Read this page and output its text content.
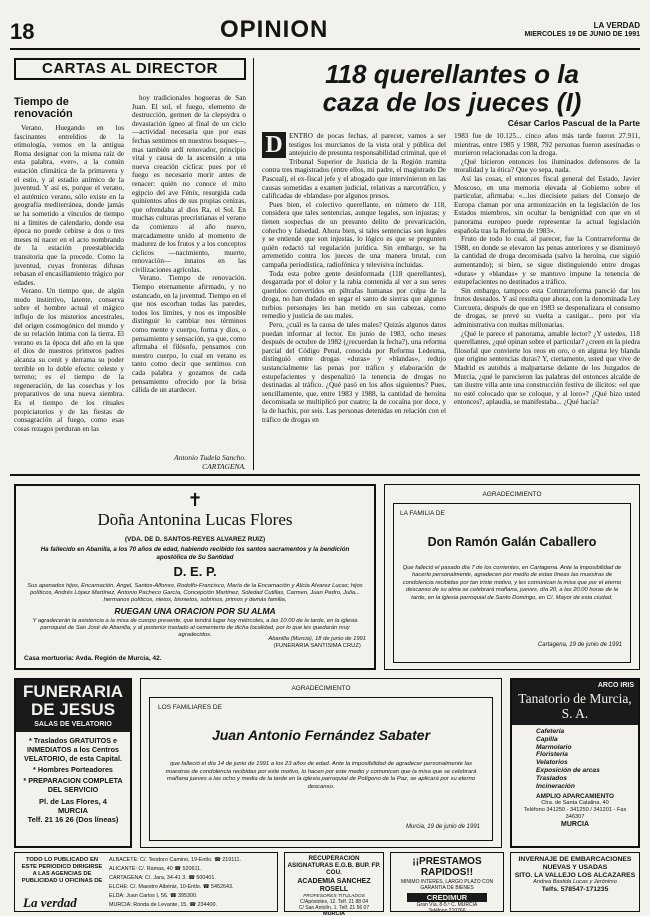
18	OPINION	LA VERDAD
MIERCOLES 19 DE JUNIO DE 1991
CARTAS AL DIRECTOR
Tiempo de renovación

Verano. Huegando en los fascinantes entreldios de la etimología, vemos en la antigua Roma designar con la misma raíz de esta palabra, «ver», a la común estación climática de la primavera y el estío, y al estadio anímico de la juventud. Y así es, porque el verano, el auténtico verano, sólo existe en la geografía mediterránea, donde jamás se ha sometido a vínculos de tiempo ni a límites de calendario, donde esa época no puede cebirse a dos o tres meses ni nacer en el acto nombrando de la estación preestablecida transitoria que la precede. Como la juventud, cuyas fronteras difusas rebasan el encasillamiento trágico por edades.

Verano. Un tiempo que, de algún modo instintivo, latente, conserva sobre el hombre actual el mágico influjo de los misterios ancestrales, del origen cosmogónico del mundo y de su relación íntima con la tierra. El verano es la época del año en la que el dios de nuestros primeros padres alcanza su cenit y derrama su poder terrible en lo doble efecto: celeste y terreno; es el tiempo de la regeneración, de las cosechas y los preparativos de una nueva siembra. Es el tiempo de los rituales propiciatorios y de las fiestas de consagración al fuego, como esas cosas rezagos perduran en las

hoy tradicionales hogueras de San Juan. El sol, el fuego, elemento de destrucción, germen de la clepsydra o devastación ígneo al final de un ciclo —actividad necesaria que por esas fechas sentimos en nuestros bosques—, mas también ardí renovador, principio vital y causa de la ascensión a una nueva creación cíclica: pues por el fuego es necesario morir antes de renacer: quién no conoce el mito egipcio del ave Fénix, resurgida cada quinientos años de sus propias cenizas, que ofrendaba al dios Ra, el Sol. En muchas culturas precristianas el verano da comienzo al año nuevo, marcadamente unido al momento de madurez de los frutos y a los conceptos cíclicos —nacimiento, muerte, renovación— innatos en las civilizaciones agrícolas.

Verano. Tiempo de renovación. Tiempo eternamente afirmado, y no estancado, en la juventud. Tiempo en el que nos escorban todas las paredes, todos los límites, y nos es imposible distinguir lo cambiar nos términos como mente y cuerpo, forma y dios, o pensamiento y sensación, ya que, como afirmaba el filósofo, pensamos con nuestro cuerpo, lo cual en verano es tanto como decir que sentimos con cada palabra y gozamos de cada pensamiento ofrecido por la brisa cálida de un atardecer.

Antonio Tudela Sancho.
CARTAGENA.
118 querellantes o la
caza de los jueces (I)
César Carlos Pascual de la Parte
D ENTRO de pocas fechas, al parecer, vamos a ser testigos los murcianos de la vista oral y pública del antejuicio de presunta responsabilidad criminal, que el Tribunal Superior de Justicia de la Región tramita contra tres magistrados (entre ellos, mi padre, el magistrado De Pascual), el ex-fiscal jefe y el abogado que intervinieron en las causas sometidas a examen judicial, relativas a narcotráfico, y calificadas de «blandas» por algunos presos.

Pues bien, el colectivo querellante, en número de 118, considera que tales sentencias, aunque legales, son injustas; y tienen sospechas de un presunto delito de prevaricación, cohecho y falsedad. Ahora bien, si tales sentencias son legales y se entiende que son injustas, lo lógico es que se pregunten quién redactó tal regulación jurídica. Sin embargo, se ha arremetido contra los jueces de una manera brutal, con campaña periodística, radiofónica y televisiva incluidas.

Toda esta pobre gente desinformada (118 querellantes), desgarrada por el dolor y la rabia contenida al ver a sus seres queridos convertidos en piltrafas humanas por culpa de la droga, no han dudado en segar el santo de sierras que algunos turbios personajes les han metido en sus cabezas, como remedio y justicia de sus males.

Pero, ¿cuál es la causa de tales males? Quizás algunos datos puedan informar al lector. En junio de 1983, ocho meses después de octubre de 1982 (¿recuerdan la fecha?), una reforma parcial del Código Penal, conocida por Reforma Ledesma, distinguió entre drogas «duras» y «blandas», redujo sustancialmente las penas por tráfico y elaboración de estupefacientes y despenalizó la tenencia de drogas no destinadas al tráfico. ¿Qué pasó en los años siguientes? Pues, sencillamente, que, entre 1983 y 1988, la cantidad de heroína decomisada se multiplicó por cuatro; la de cocaína por doce, y la de hachís, por seis. Las personas detenidas en relación con el tráfico de drogas en

1983 fue de 10.125... cinco años más tarde fueron 27.911, mientras, entre 1985 y 1988, 792 personas fueron asesinadas o murieron relacionadas con la droga.

¿Qué hicieron entonces los iluminados defensores de la moralidad y la ética? Que yo sepa, nada.

Así las cosas, el entonces fiscal general del Estado, Javier Moscoso, en una memoria elevada al Gobierno sobre el particular, afirmaba: «...los diecisiete países del Consejo de Europa claman por una armonización en la legislación de los Estados miembros, sin ocultar la benignidad con que en el panorama europeo puede representar la actual legislación española tras la Reforma de 1983».

Fruto de todo lo cual, al parecer, fue la Contrarreforma de 1988, en donde se elevaron las penas anteriores y se disminuyó la cantidad de droga decomisada (salvo la heroína, cue siguió aumentando); si bien, se sigue distinguiendo entre drogas «duras» y «blandas» y se mantuvo impune la tenencia de estupefacientes no destinados a tráfico.

Sin embargo, tampoco esta Contrarreforma pareció dar los frutos deseados. Y así resulta que ahora, con la denominada Ley Corcuera, después de que en 1983 se despenalizara el consumo de drogas, se prevé su vuelta a castigar... pero por vía administrativa con multas millonarias.

¿Qué le parece el panorama, amable lector? ¿Y ustedes, 118 querellantes, ¿qué opinan sobre el particular? ¿creen en la piedra filosofal que convierte los reos en oro, o en alguna ley blanda que origine sentencias duras? Y, ciertamente, usted que vive de Madrid es autobús a malpartarse delante de los Juzgados de Murcia, ¿qué le parecieron las palabras del entonces alcalde de tan ilustre villa ante una construcción festiva de ilícitos: «el que no esté colocado que se coloque, y al loro»? ¿Qué hizo usted entonces?, aplaudía, se manifestaba... ¿Qué hacía?

✝
Doña Antonina Lucas Flores
(VDA. DE D. SANTOS-REYES ALVAREZ RUIZ)
Ha fallecido en Abanilla, a los 70 años de edad, habiendo recibido los santos sacramentos y la bendición apostólica de Su Santidad
D. E. P.
Sus apenados hijos, Encarnación, Angel, Santos-Alfonso, Rodolfo-Francisco, María de la Encarnación y Alicia Alvarez Lucas; hijos políticos, Andrés López Martínez, Antonio Pacheco García, Concepción Martínez, Soledad Cutillas, Carmen, Juan Pedro, Julia... hermanos políticos, nietos, bisnietos, sobrinos, primos y demás familia,
RUEGAN UNA ORACION POR SU ALMA
Y agradecerán la asistencia a la misa de cuerpo presente, que tendrá lugar hoy miércoles, a las 10.00 de la tarde, en la iglesia parroquial de San José de Abanilla, y al posterior traslado al cementerio de dicha localidad, por lo que les quedarán muy agradecidos.
Abanilla (Murcia), 18 de junio de 1991
(FUNERARIA SANTISIMA CRUZ)
Casa mortuoria: Avda. Región de Murcia, 42.
AGRADECIMIENTO
LA FAMILIA DE
Don Ramón Galán Caballero
Que falleció el pasado día 7 de los corrientes, en Cartagena. Ante la imposibilidad de hacerlo personalmente, agradecen por medio de estas líneas las muestras de condolencia recibidas por tan triste motivo, y les comunican la misa que por el eterno descanso de su alma se celebrará mañana, jueves, día 20, a las 20.00 horas de la tarde, en la iglesia parroquial de Santo Domingo, en C/. Mayor de esta ciudad.
Cartagena, 19 de junio de 1991
FUNERARIA
DE JESUS
SALAS DE VELATORIO
* Traslados GRATUITOS e INMEDIATOS a los Centros VELATORIO, de esta Capital.
* Hombres Porteadores
* PREPARACION COMPLETA DEL SERVICIO
Pl. de Las Flores, 4
MURCIA
Telf. 21 16 26 (Dos líneas)
AGRADECIMIENTO
LOS FAMILIARES DE
Juan Antonio Fernández Sabater
que falleció el día 14 de junio de 1991 a los 23 años de edad. Ante la imposibilidad de agradecer personalmente las muestras de condolencia recibidas por este motivo, lo hacen por este medio y comunican que la misa que se celebrará mañana jueves a las ocho y media de la tarde en la iglesia parroquial de Polígono de la Paz, se aplicará por su eterno descanso.
Murcia, 19 de junio de 1991
ARCO IRIS
Tanatorio de Murcia, S. A.
Cafetería
Capilla
Marmolario
Floristería
Velatorios
Exposición de arcas
Traslados
Incineración
AMPLIO APARCAMIENTO
Ctra. de Santa Catalina, 40
Teléfono 341250 - 341250 / 341201 - Fax 346307
MURCIA
TODO LO PUBLICADO EN ESTE PERIODICO DIRIGIRSE A LAS AGENCIAS DE PUBLICIDAD U OFICINAS DE
La verdad
ALBACETE: C/. Teodoro Camino, 19-Entlo. ☎ 219111.
ALICANTE: C/. Ramas, 40 ☎ 520611.
CARTAGENA: C/. Jara, 34-41 3. ☎ 500401.
ELCHE: C/. Maestro Albéniz, 10-Entlo. ☎ 5452643.
ELDA: Juan Carlos I, 56. ☎ 395300.
MURCIA: Ronda de Levante, 15. ☎ 234400.
RECUPERACION ASIGNATURAS E.G.B. BUP. FP. COU.
ACADEMIA SANCHEZ ROSELL
PROFESORES TITULADOS
C/Apóstoles, 12. Telf. 21 88 04
C/ San Antolín, 1. Telf. 21 56 07
MURCIA
¡¡PRESTAMOS RAPIDOS!!
MINIMO INTERES, LARGO PLAZO CON GARANTIA DE BIENES
CREDIMUR
Gran Vía, 8-5.º C. MURCIA
Teléfono 210766
INVERNAJE DE EMBARCACIONES NUEVAS Y USADAS
SITO. LA VALLEJO LOS ALCAZARES
Andrea Bastida Lucas y Jerónimo
Telfs. 578547-171235
